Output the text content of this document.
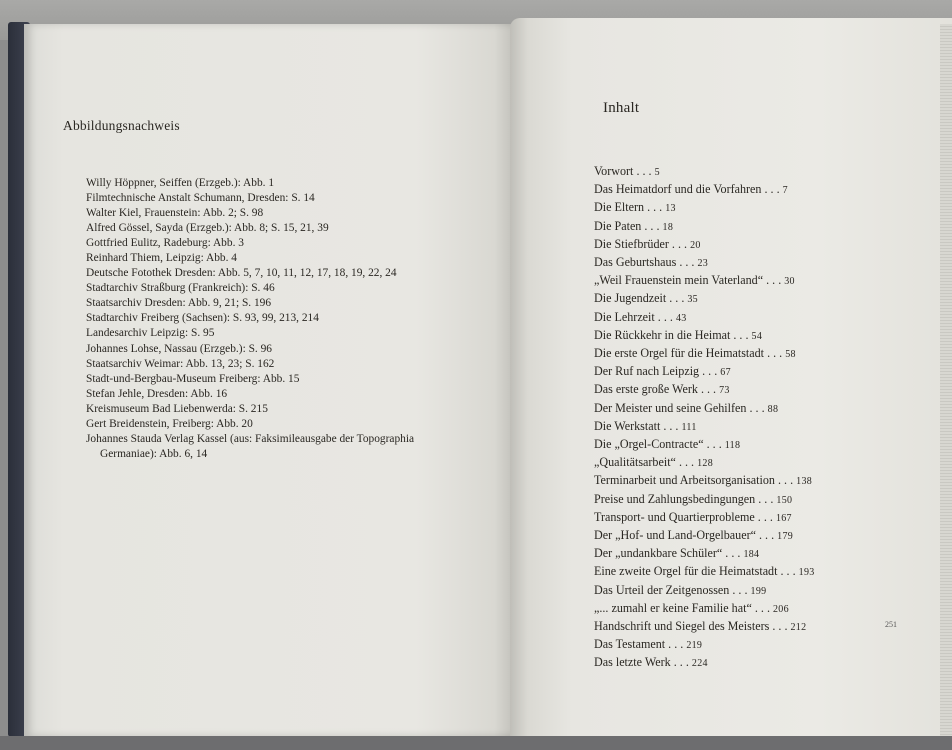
Abbildungsnachweis
Willy Höppner, Seiffen (Erzgeb.): Abb. 1
Filmtechnische Anstalt Schumann, Dresden: S. 14
Walter Kiel, Frauenstein: Abb. 2; S. 98
Alfred Gössel, Sayda (Erzgeb.): Abb. 8; S. 15, 21, 39
Gottfried Eulitz, Radeburg: Abb. 3
Reinhard Thiem, Leipzig: Abb. 4
Deutsche Fotothek Dresden: Abb. 5, 7, 10, 11, 12, 17, 18, 19, 22, 24
Stadtarchiv Straßburg (Frankreich): S. 46
Staatsarchiv Dresden: Abb. 9, 21; S. 196
Stadtarchiv Freiberg (Sachsen): S. 93, 99, 213, 214
Landesarchiv Leipzig: S. 95
Johannes Lohse, Nassau (Erzgeb.): S. 96
Staatsarchiv Weimar: Abb. 13, 23; S. 162
Stadt-und-Bergbau-Museum Freiberg: Abb. 15
Stefan Jehle, Dresden: Abb. 16
Kreismuseum Bad Liebenwerda: S. 215
Gert Breidenstein, Freiberg: Abb. 20
Johannes Stauda Verlag Kassel (aus: Faksimileausgabe der Topographia
Germaniae): Abb. 6, 14
Inhalt
Vorwort . . . 5
Das Heimatdorf und die Vorfahren . . . 7
Die Eltern . . . 13
Die Paten . . . 18
Die Stiefbrüder . . . 20
Das Geburtshaus . . . 23
„Weil Frauenstein mein Vaterland“ . . . 30
Die Jugendzeit . . . 35
Die Lehrzeit . . . 43
Die Rückkehr in die Heimat . . . 54
Die erste Orgel für die Heimatstadt . . . 58
Der Ruf nach Leipzig . . . 67
Das erste große Werk . . . 73
Der Meister und seine Gehilfen . . . 88
Die Werkstatt . . . 111
Die „Orgel-Contracte“ . . . 118
„Qualitätsarbeit“ . . . 128
Terminarbeit und Arbeitsorganisation . . . 138
Preise und Zahlungsbedingungen . . . 150
Transport- und Quartierprobleme . . . 167
Der „Hof- und Land-Orgelbauer“ . . . 179
Der „undankbare Schüler“ . . . 184
Eine zweite Orgel für die Heimatstadt . . . 193
Das Urteil der Zeitgenossen . . . 199
„... zumahl er keine Familie hat“ . . . 206
Handschrift und Siegel des Meisters . . . 212
Das Testament . . . 219
Das letzte Werk . . . 224
251
